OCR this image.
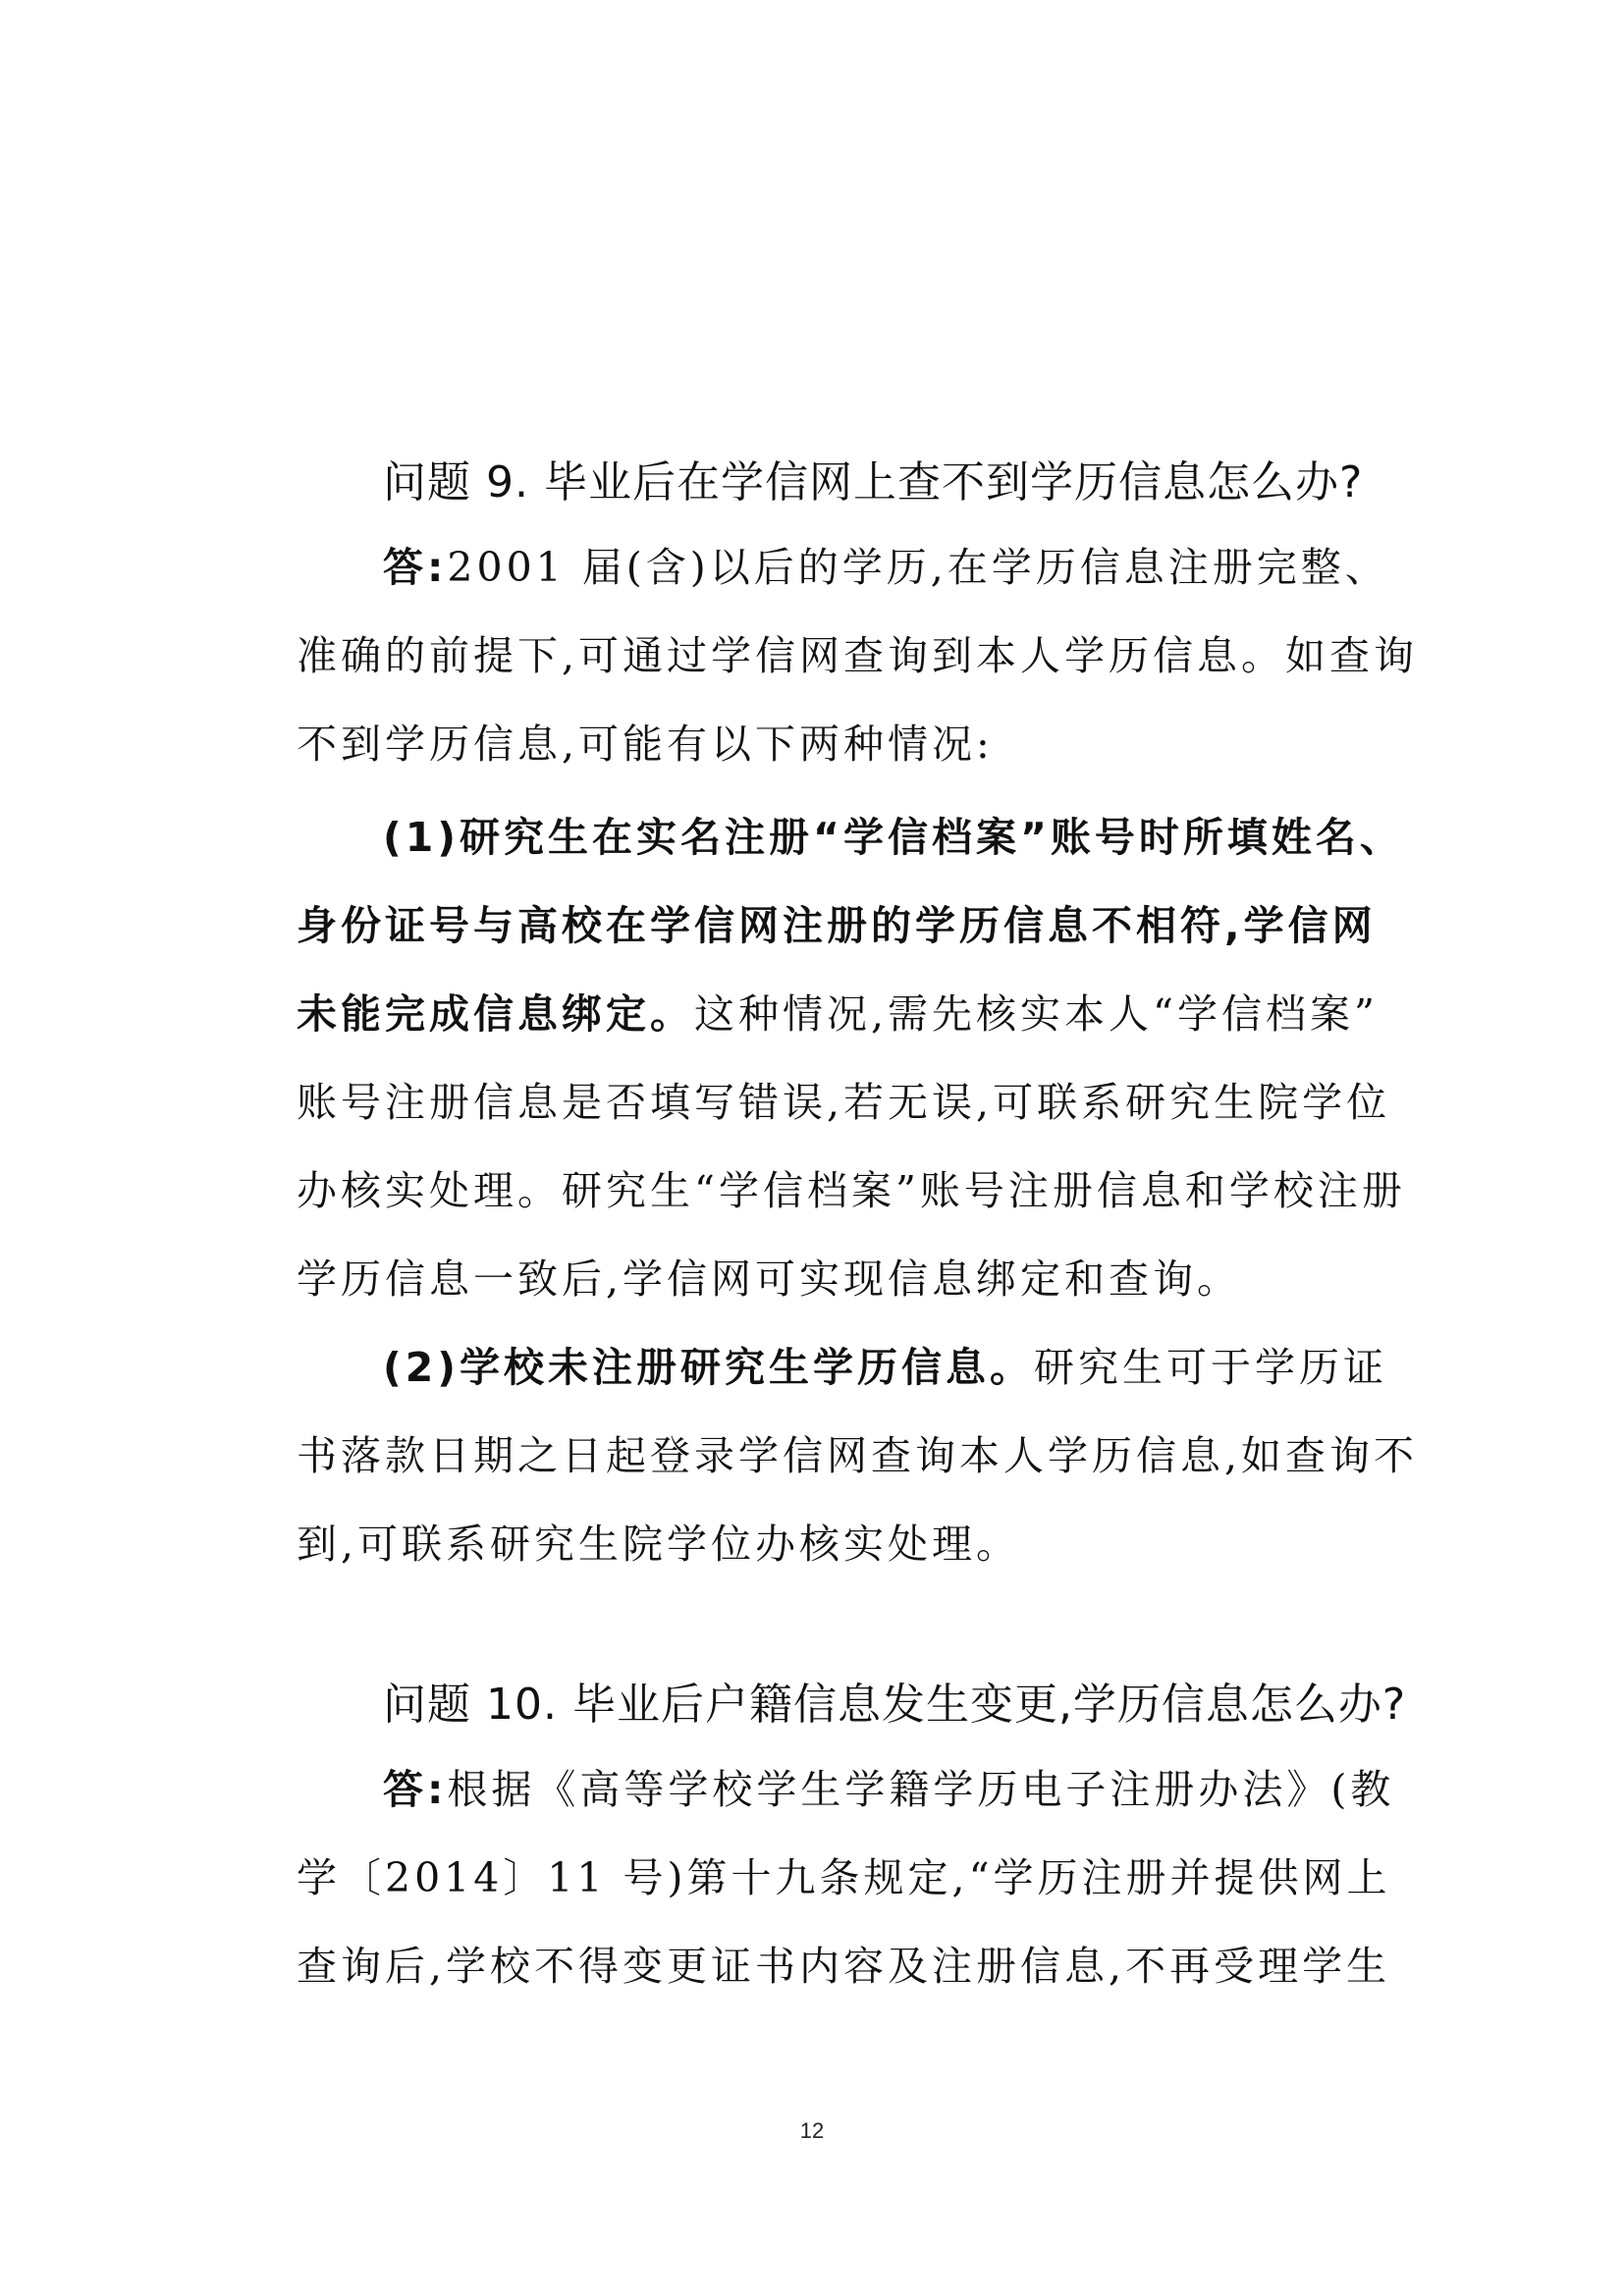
问题 9. 毕业后在学信网上查不到学历信息怎么办?

答:2001 届(含)以后的学历,在学历信息注册完整、

准确的前提下,可通过学信网查询到本人学历信息。如查询

不到学历信息,可能有以下两种情况:

(1)研究生在实名注册“学信档案”账号时所填姓名、

身份证号与高校在学信网注册的学历信息不相符,学信网

未能完成信息绑定。这种情况,需先核实本人“学信档案”

账号注册信息是否填写错误,若无误,可联系研究生院学位

办核实处理。研究生“学信档案”账号注册信息和学校注册

学历信息一致后,学信网可实现信息绑定和查询。

(2)学校未注册研究生学历信息。研究生可于学历证

书落款日期之日起登录学信网查询本人学历信息,如查询不

到,可联系研究生院学位办核实处理。

问题 10. 毕业后户籍信息发生变更,学历信息怎么办?

答:根据《高等学校学生学籍学历电子注册办法》(教

学〔2014〕11 号)第十九条规定,“学历注册并提供网上

查询后,学校不得变更证书内容及注册信息,不再受理学生

12
